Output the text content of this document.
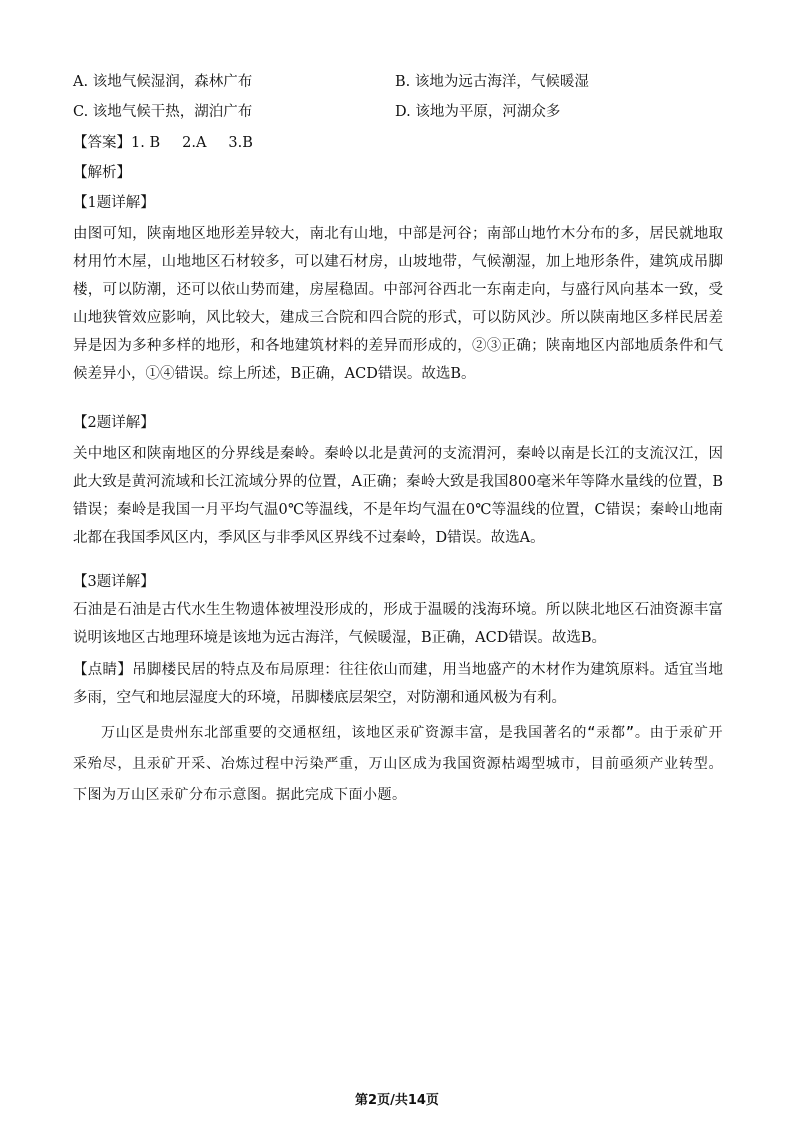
A. 该地气候湿润，森林广布	B. 该地为远古海洋，气候暖湿
C. 该地气候干热，湖泊广布	D. 该地为平原，河湖众多
【答案】1. B 2.A 3.B
【解析】
【1题详解】
由图可知，陕南地区地形差异较大，南北有山地，中部是河谷；南部山地竹木分布的多，居民就地取材用竹木屋，山地地区石材较多，可以建石材房，山坡地带，气候潮湿，加上地形条件，建筑成吊脚楼，可以防潮，还可以依山势而建，房屋稳固。中部河谷西北一东南走向，与盛行风向基本一致，受山地狭管效应影响，风比较大，建成三合院和四合院的形式，可以防风沙。所以陕南地区多样民居差异是因为多种多样的地形，和各地建筑材料的差异而形成的，②③正确；陕南地区内部地质条件和气候差异小，①④错误。综上所述，B正确，ACD错误。故选B。
【2题详解】
关中地区和陕南地区的分界线是秦岭。秦岭以北是黄河的支流渭河，秦岭以南是长江的支流汉江，因此大致是黄河流域和长江流域分界的位置，A正确；秦岭大致是我国800毫米年等降水量线的位置，B错误；秦岭是我国一月平均气温0℃等温线，不是年均气温在0℃等温线的位置，C错误；秦岭山地南北都在我国季风区内，季风区与非季风区界线不过秦岭，D错误。故选A。
【3题详解】
石油是石油是古代水生生物遗体被埋没形成的，形成于温暖的浅海环境。所以陕北地区石油资源丰富说明该地区古地理环境是该地为远古海洋，气候暖湿，B正确，ACD错误。故选B。
【点睛】吊脚楼民居的特点及布局原理：往往依山而建，用当地盛产的木材作为建筑原料。适宜当地多雨，空气和地层湿度大的环境，吊脚楼底层架空，对防潮和通风极为有利。
万山区是贵州东北部重要的交通枢纽，该地区汞矿资源丰富，是我国著名的“汞都”。由于汞矿开采殆尽，且汞矿开采、冶炼过程中污染严重，万山区成为我国资源枯竭型城市，目前亟须产业转型。下图为万山区汞矿分布示意图。据此完成下面小题。
第2页/共14页
